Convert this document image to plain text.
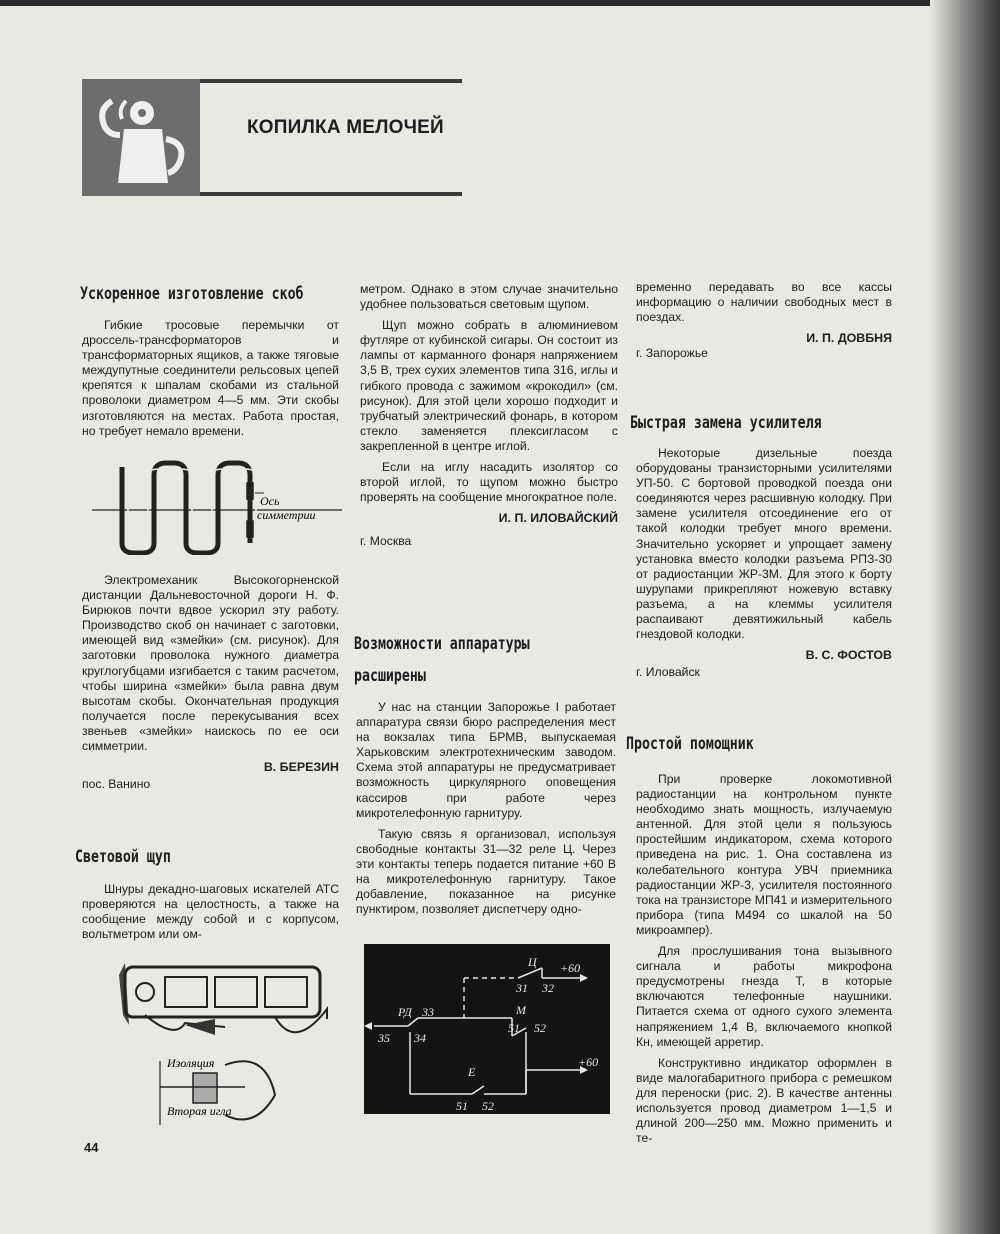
КОПИЛКА МЕЛОЧЕЙ
Ускоренное изготовление скоб

Гибкие тросовые перемычки от дроссель-трансформаторов и трансформаторных ящиков, а также тяговые междупутные соединители рельсовых цепей крепятся к шпалам скобами из стальной проволоки диаметром 4—5 мм. Эти скобы изготовляются на местах. Работа простая, но требует немало времени.

Ось
симметрии

Электромеханик Высокогорненской дистанции Дальневосточной дороги Н. Ф. Бирюков почти вдвое ускорил эту работу. Производство скоб он начинает с заготовки, имеющей вид «змейки» (см. рисунок). Для заготовки проволока нужного диаметра круглогубцами изгибается с таким расчетом, чтобы ширина «змейки» была равна двум высотам скобы. Окончательная продукция получается после перекусывания всех звеньев «змейки» наискось по ее оси симметрии.

В. БЕРЕЗИН
пос. Ванино
Световой щуп

Шнуры декадно-шаговых искателей АТС проверяются на целостность, а также на сообщение между собой и с корпусом, вольтметром или ом-

Изоляция
Вторая игла
44

метром. Однако в этом случае значительно удобнее пользоваться световым щупом.

Щуп можно собрать в алюминиевом футляре от кубинской сигары. Он состоит из лампы от карманного фонаря напряжением 3,5 В, трех сухих элементов типа 316, иглы и гибкого провода с зажимом «крокодил» (см. рисунок). Для этой цели хорошо подходит и трубчатый электрический фонарь, в котором стекло заменяется плексигласом с закрепленной в центре иглой.

Если на иглу насадить изолятор со второй иглой, то щупом можно быстро проверять на сообщение многократное поле.

И. П. ИЛОВАЙСКИЙ
г. Москва
Возможности аппаратуры
расширены

У нас на станции Запорожье I работает аппаратура связи бюро распределения мест на вокзалах типа БРМВ, выпускаемая Харьковским электротехническим заводом. Схема этой аппаратуры не предусматривает возможность циркулярного оповещения кассиров при работе через микротелефонную гарнитуру.

Такую связь я организовал, используя свободные контакты 31—32 реле Ц. Через эти контакты теперь подается питание +60 В на микротелефонную гарнитуру. Такое добавление, показанное на рисунке пунктиром, позволяет диспетчеру одно-

Ц +60
31 32
РД 33	М
35 34
51 52
Е
51 52
+60

временно передавать во все кассы информацию о наличии свободных мест в поездах.

И. П. ДОВБНЯ
г. Запорожье
Быстрая замена усилителя

Некоторые дизельные поезда оборудованы транзисторными усилителями УП-50. С бортовой проводкой поезда они соединяются через расшивную колодку. При замене усилителя отсоединение его от такой колодки требует много времени. Значительно ускоряет и упрощает замену установка вместо колодки разъема РПЗ-30 от радиостанции ЖР-3М. Для этого к борту шурупами прикрепляют ножевую вставку разъема, а на клеммы усилителя распаивают девятижильный кабель гнездовой колодки.

В. С. ФОСТОВ
г. Иловайск
Простой помощник

При проверке локомотивной радиостанции на контрольном пункте необходимо знать мощность, излучаемую антенной. Для этой цели я пользуюсь простейшим индикатором, схема которого приведена на рис. 1. Она составлена из колебательного контура УВЧ приемника радиостанции ЖР-3, усилителя постоянного тока на транзисторе МП41 и измерительного прибора (типа М494 со шкалой на 50 микроампер).

Для прослушивания тона вызывного сигнала и работы микрофона предусмотрены гнезда Т, в которые включаются телефонные наушники. Питается схема от одного сухого элемента напряжением 1,4 В, включаемого кнопкой Кн, имеющей арретир.

Конструктивно индикатор оформлен в виде малогабаритного прибора с ремешком для переноски (рис. 2). В качестве антенны используется провод диаметром 1—1,5 и длиной 200—250 мм. Можно применить и те-
